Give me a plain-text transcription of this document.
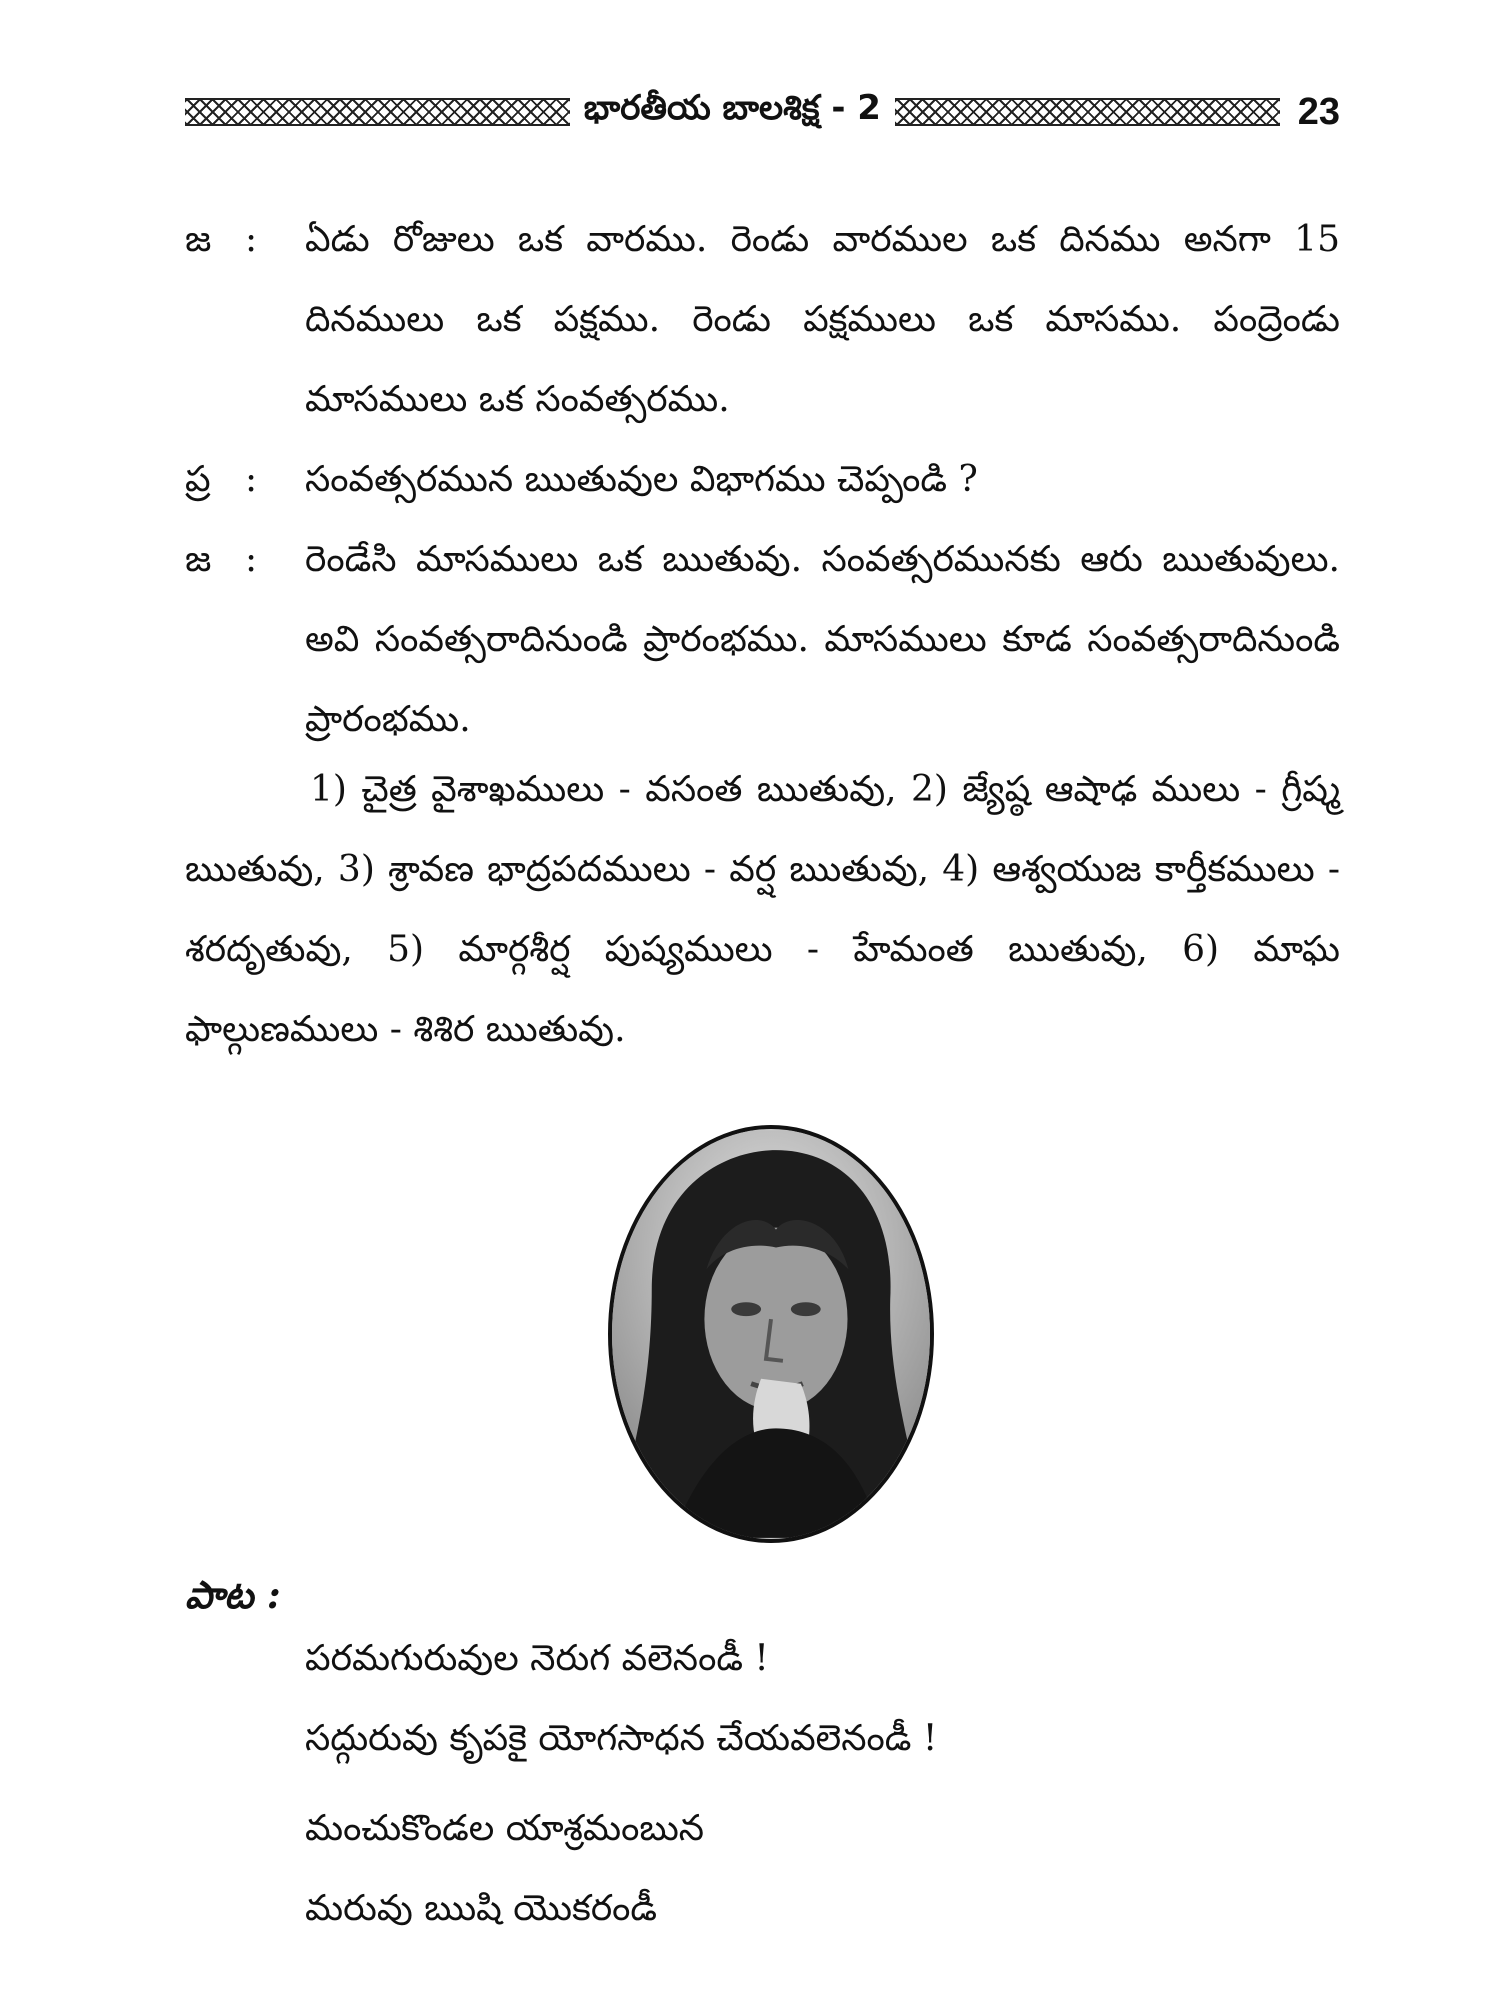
భారతీయ బాలశిక్ష - 2	23
జ : ఏడు రోజులు ఒక వారము. రెండు వారముల ఒక దినము అనగా 15 దినములు ఒక పక్షము. రెండు పక్షములు ఒక మాసము. పంద్రెండు మాసములు ఒక సంవత్సరము.
ప్ర : సంవత్సరమున ఋతువుల విభాగము చెప్పండి ?
జ : రెండేసి మాసములు ఒక ఋతువు. సంవత్సరమునకు ఆరు ఋతువులు. అవి సంవత్సరాదినుండి ప్రారంభము. మాసములు కూడ సంవత్సరాదినుండి ప్రారంభము.
1) చైత్ర వైశాఖములు - వసంత ఋతువు, 2) జ్యేష్ఠ ఆషాఢ ములు - గ్రీష్మ ఋతువు, 3) శ్రావణ భాద్రపదములు - వర్ష ఋతువు, 4) ఆశ్వయుజ కార్తీకములు - శరదృతువు, 5) మార్గశీర్ష పుష్యములు - హేమంత ఋతువు, 6) మాఘ ఫాల్గుణములు - శిశిర ఋతువు.
పాట :
పరమగురువుల నెరుగ వలెనండీ !
సద్గురువు కృపకై యోగసాధన చేయవలెనండీ !
మంచుకొండల యాశ్రమంబున
మరువు ఋషి యొకరండీ
